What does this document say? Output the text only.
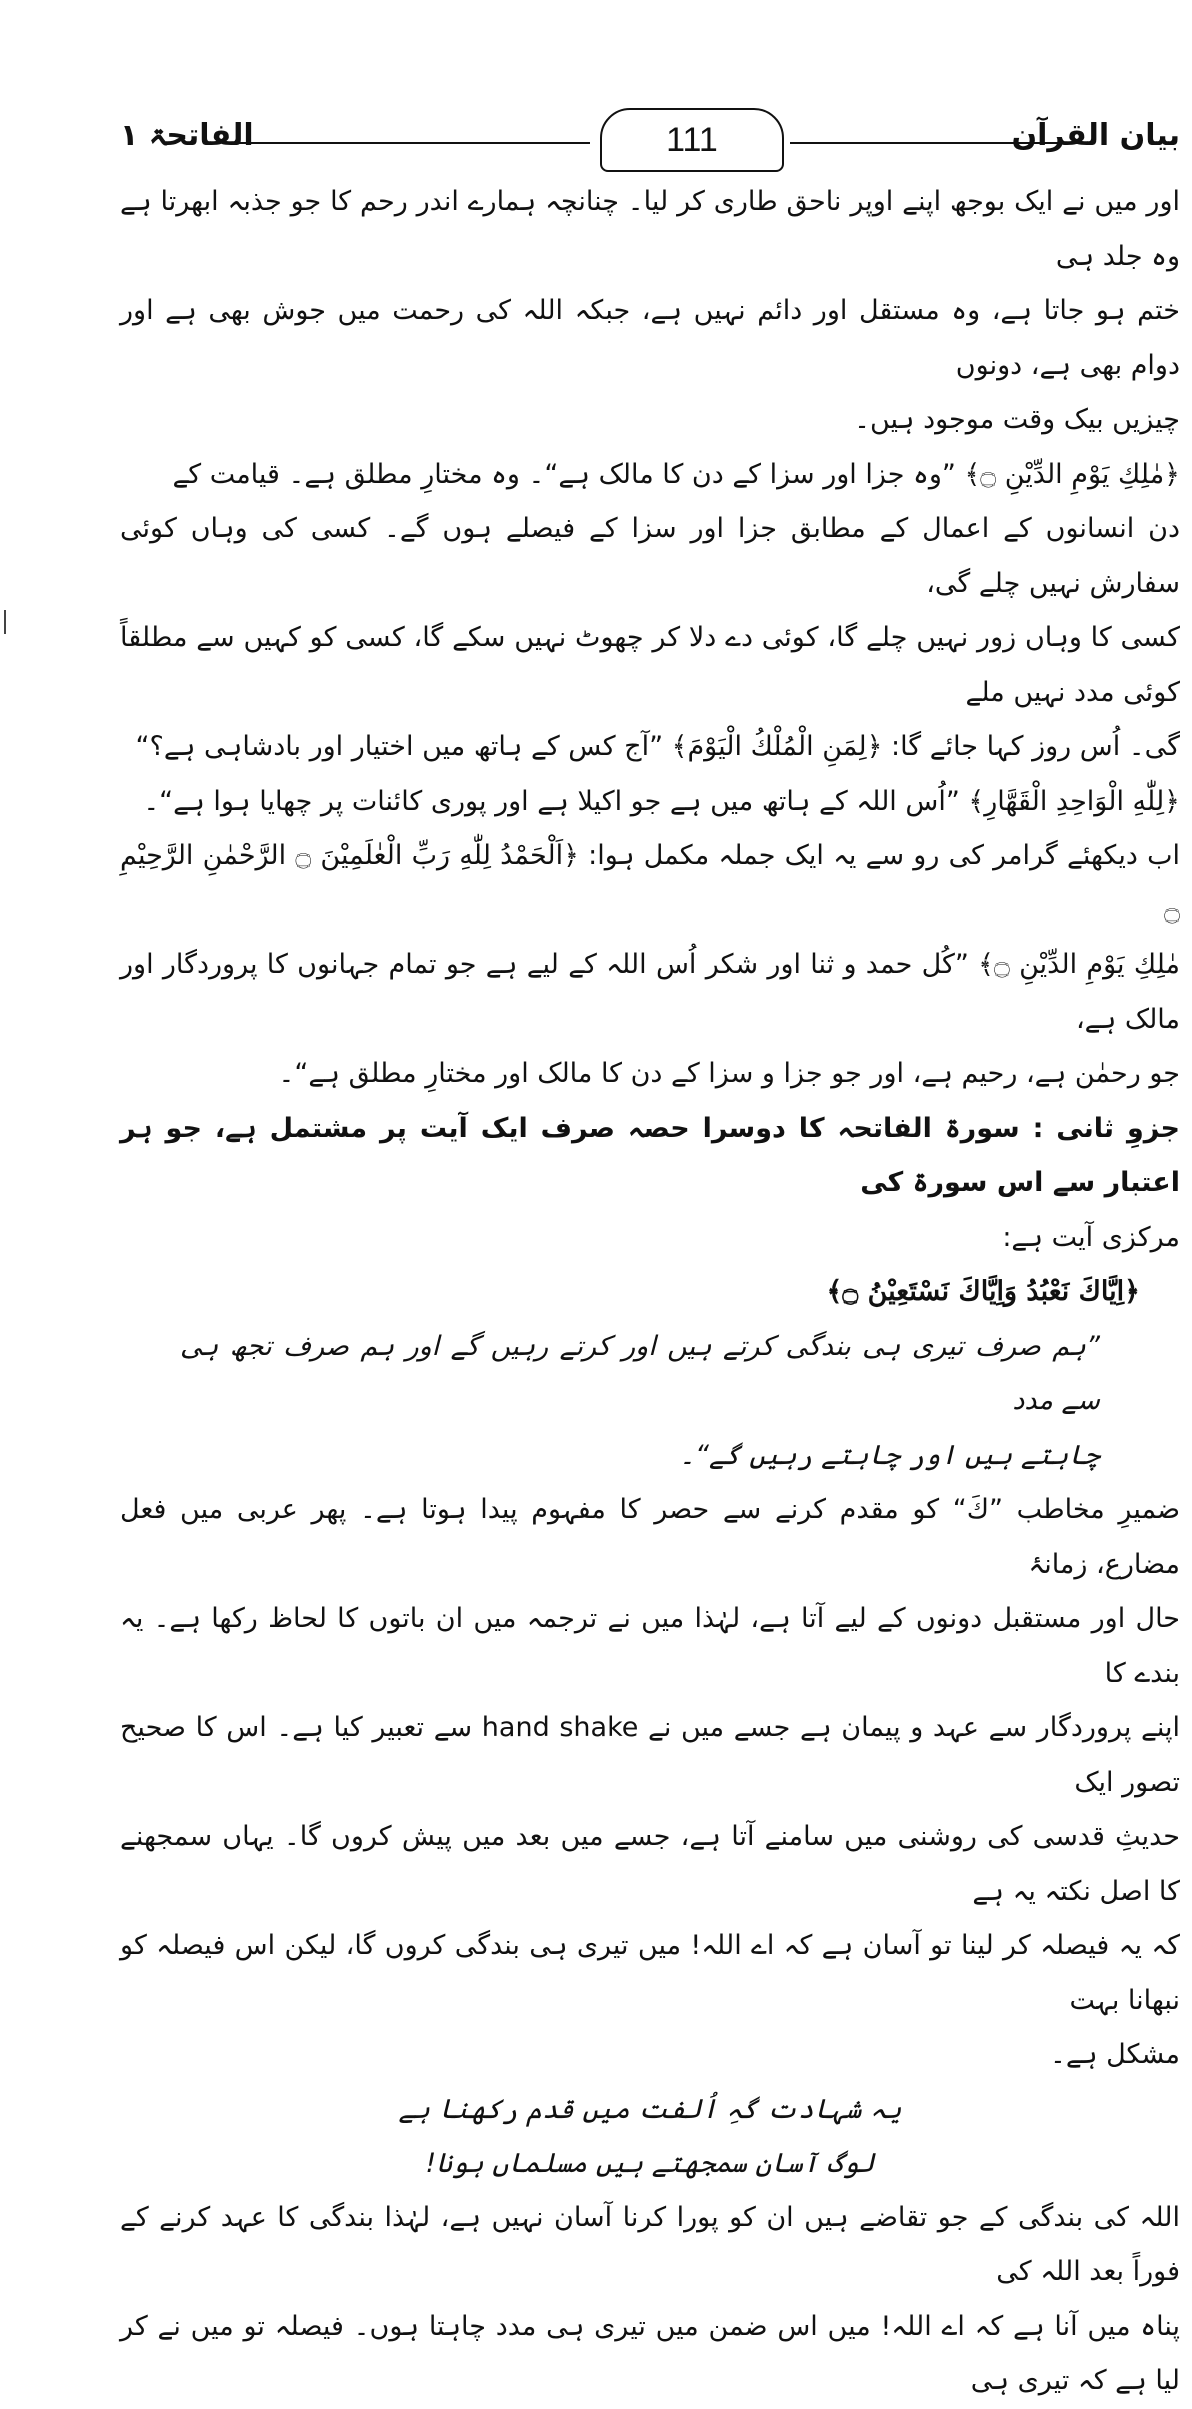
الفاتحۃ ۱	111	بیان القرآن

اور میں نے ایک بوجھ اپنے اوپر ناحق طاری کر لیا۔ چنانچہ ہمارے اندر رحم کا جو جذبہ ابھرتا ہے وہ جلد ہی

ختم ہو جاتا ہے، وہ مستقل اور دائم نہیں ہے، جبکہ اللہ کی رحمت میں جوش بھی ہے اور دوام بھی ہے، دونوں

چیزیں بیک وقت موجود ہیں۔

﴿مٰلِكِ يَوْمِ الدِّيْنِ ۝﴾ ”وہ جزا اور سزا کے دن کا مالک ہے“۔ وہ مختارِ مطلق ہے۔ قیامت کے

دن انسانوں کے اعمال کے مطابق جزا اور سزا کے فیصلے ہوں گے۔ کسی کی وہاں کوئی سفارش نہیں چلے گی،

کسی کا وہاں زور نہیں چلے گا، کوئی دے دلا کر چھوٹ نہیں سکے گا، کسی کو کہیں سے مطلقاً کوئی مدد نہیں ملے

گی۔ اُس روز کہا جائے گا: ﴿لِمَنِ الْمُلْكُ الْيَوْمَ﴾ ”آج کس کے ہاتھ میں اختیار اور بادشاہی ہے؟“

﴿لِلّٰهِ الْوَاحِدِ الْقَهَّارِ﴾ ”اُس اللہ کے ہاتھ میں ہے جو اکیلا ہے اور پوری کائنات پر چھایا ہوا ہے“۔

اب دیکھئے گرامر کی رو سے یہ ایک جملہ مکمل ہوا: ﴿اَلْحَمْدُ لِلّٰهِ رَبِّ الْعٰلَمِيْنَ ۝ الرَّحْمٰنِ الرَّحِيْمِ ۝

مٰلِكِ يَوْمِ الدِّيْنِ ۝﴾ ”کُل حمد و ثنا اور شکر اُس اللہ کے لیے ہے جو تمام جہانوں کا پروردگار اور مالک ہے،

جو رحمٰن ہے، رحیم ہے، اور جو جزا و سزا کے دن کا مالک اور مختارِ مطلق ہے“۔

جزوِ ثانی : سورۃ الفاتحہ کا دوسرا حصہ صرف ایک آیت پر مشتمل ہے، جو ہر اعتبار سے اس سورۃ کی

مرکزی آیت ہے:

﴿اِيَّاكَ نَعْبُدُ وَاِيَّاكَ نَسْتَعِيْنُ ۝﴾

”ہم صرف تیری ہی بندگی کرتے ہیں اور کرتے رہیں گے اور ہم صرف تجھ ہی سے مدد

چاہتے ہیں اور چاہتے رہیں گے“۔

ضمیرِ مخاطب ”كَ“ کو مقدم کرنے سے حصر کا مفہوم پیدا ہوتا ہے۔ پھر عربی میں فعل مضارع، زمانۂ

حال اور مستقبل دونوں کے لیے آتا ہے، لہٰذا میں نے ترجمہ میں ان باتوں کا لحاظ رکھا ہے۔ یہ بندے کا

اپنے پروردگار سے عہد و پیمان ہے جسے میں نے hand shake سے تعبیر کیا ہے۔ اس کا صحیح تصور ایک

حدیثِ قدسی کی روشنی میں سامنے آتا ہے، جسے میں بعد میں پیش کروں گا۔ یہاں سمجھنے کا اصل نکتہ یہ ہے

کہ یہ فیصلہ کر لینا تو آسان ہے کہ اے اللہ! میں تیری ہی بندگی کروں گا، لیکن اس فیصلہ کو نبھانا بہت

مشکل ہے۔

یہ شہادت گہِ اُلفت میں قدم رکھنا ہے

لوگ آسان سمجھتے ہیں مسلماں ہونا!

اللہ کی بندگی کے جو تقاضے ہیں ان کو پورا کرنا آسان نہیں ہے، لہٰذا بندگی کا عہد کرنے کے فوراً بعد اللہ کی

پناہ میں آنا ہے کہ اے اللہ! میں اس ضمن میں تیری ہی مدد چاہتا ہوں۔ فیصلہ تو میں نے کر لیا ہے کہ تیری ہی
